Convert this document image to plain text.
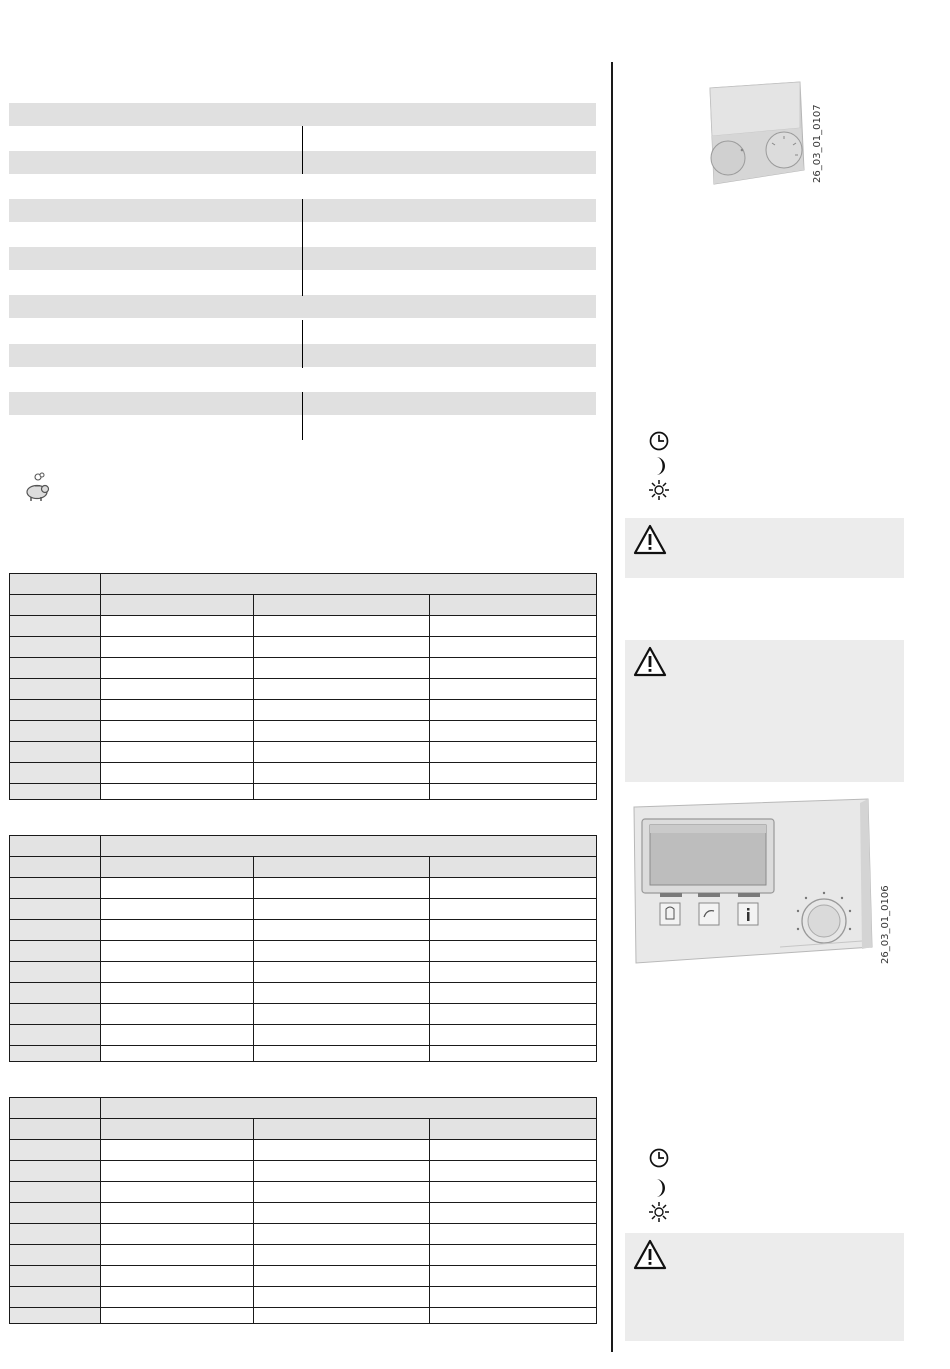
26_03_01_0107
26_03_01_0106
